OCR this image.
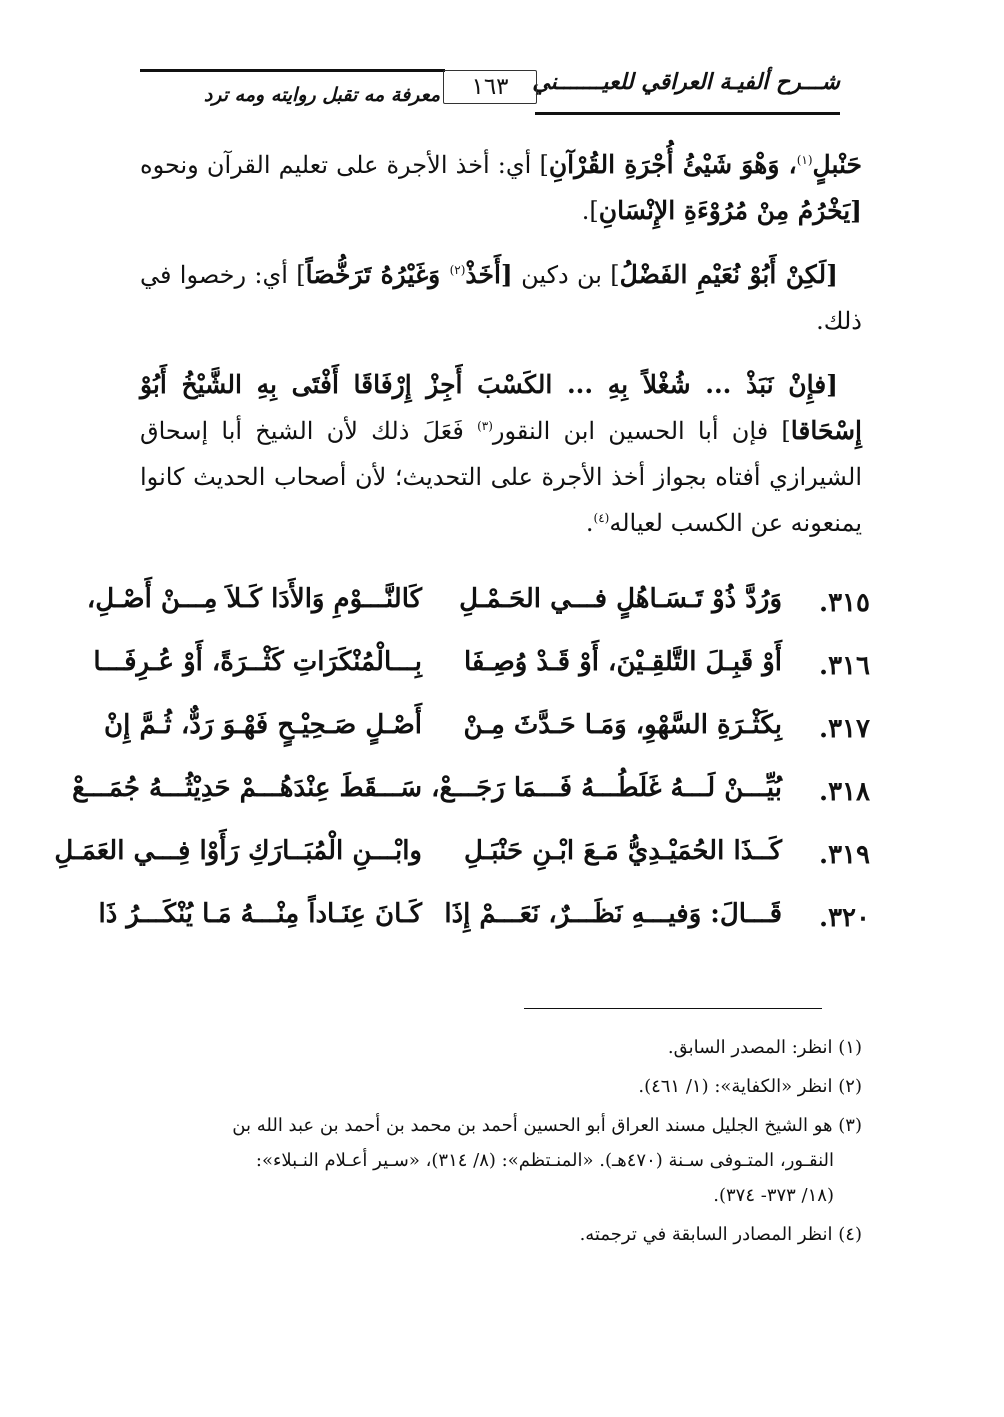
شـــرح ألفيـة العراقي للعيـــــــني
١٦٣
معرفة مه تقبل روايته ومه ترد

حَنْبلٍ$^{(١)}$، وَهْوَ شَيْئُ أُجْرَةِ القُرْآنِ] أي: أخذ الأجرة على تعليم القرآن ونحوه [يَخْرُمُ مِنْ مُرُوْءَةِ الإِنْسَانِ].

[لَكِنْ أَبُوْ نُعَيْمِ الفَضْلُ] بن دكين [أَخَذْ$^{(٢)}$ وَغَيْرُهُ تَرَخُّصَاً] أي: رخصوا في ذلك.

[فإِنْ نَبَذْ ... شُغْلاً بِهِ ... الكَسْبَ أَجِزْ إِرْفَاقَا أَفْتَى بِهِ الشَّيْخُ أَبُوْ إِسْحَاقا] فإن أبا الحسين ابن النقور$^{(٣)}$ فَعَلَ ذلك لأن الشيخ أبا إسحاق الشيرازي أفتاه بجواز أخذ الأجرة على التحديث؛ لأن أصحاب الحديث كانوا يمنعونه عن الكسب لعياله$^{(٤)}$.

٣١٥.
وَرُدَّ ذُوْ تَـسَـاهُلٍ فـــي الحَـمْـلِ
كَالنَّـــوْمِ وَالأَدَا كَـلاَ مِـــنْ أَصْـلِ،
٣١٦.
أَوْ قَبِـلَ التَّلقِـيْنَ، أَوْ قَـدْ وُصِـفَا
بِـــالْمُنْكَرَاتِ كَثْــرَةً، أَوْ عُـرِفَـــا
٣١٧.
بِكَثْـرَةِ السَّهْوِ، وَمَـا حَـدَّثَ مِـنْ
أَصْـلٍ صَـحِيْـحٍ فَهْـوَ رَدٌّ، ثُـمَّ إِنْ
٣١٨.
بُيِّـــنْ لَـــهُ غَلَطُـــهُ فَـــمَا رَجَـــعْ،
سَـــقَطَ عِنْدَهُـــمْ حَدِيْثُـــهُ جُمَـــعْ
٣١٩.
كَــذَا الحُمَيْـدِيُّ مَـعَ ابْـنِ حَنْبَـلِ
وابْـــنِ الْمُبَــارَكِ رَأَوْا فِـــي العَمَـلِ
٣٢٠.
قَـــالَ: وَفيـــهِ نَظَـــرٌ، نَعَـــمْ إِذَا
كَـانَ عِنَـاداً مِنْـــهُ مَـا يُنْكَـــرُ ذَا
(١) انظر: المصدر السابق.
(٢) انظر «الكفاية»: (١/ ٤٦١).
(٣) هو الشيخ الجليل مسند العراق أبو الحسين أحمد بن محمد بن أحمد بن عبد الله بن
النقـور، المتـوفى سـنة (٤٧٠هـ). «المنـتظم»: (٨/ ٣١٤)، «سـير أعـلام النـبلاء»:
(١٨/ ٣٧٣- ٣٧٤).
(٤) انظر المصادر السابقة في ترجمته.
